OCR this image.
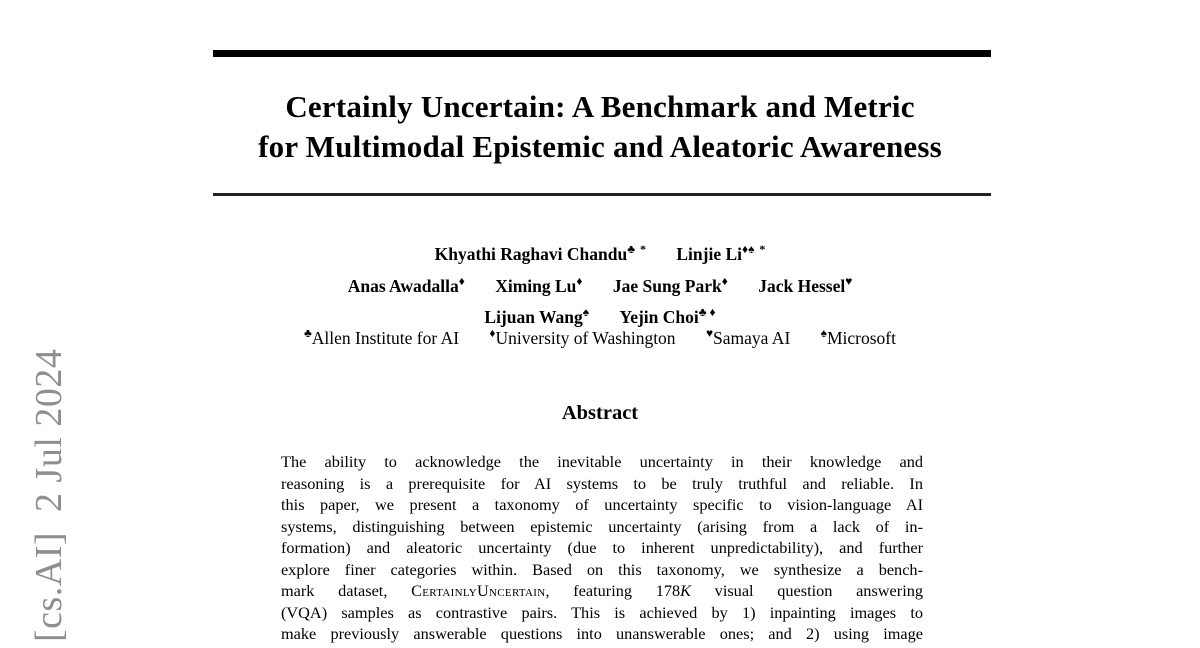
[cs.AI]  2 Jul 2024
Certainly Uncertain: A Benchmark and Metric
for Multimodal Epistemic and Aleatoric Awareness
Khyathi Raghavi Chandu♣ * Linjie Li♦♠ *
Anas Awadalla♦ Ximing Lu♦ Jae Sung Park♦ Jack Hessel♥
Lijuan Wang♠ Yejin Choi♣ ♦
♣Allen Institute for AI	♦University of Washington	♥Samaya AI	♠Microsoft
Abstract
The ability to acknowledge the inevitable uncertainty in their knowledge and
reasoning is a prerequisite for AI systems to be truly truthful and reliable. In
this paper, we present a taxonomy of uncertainty specific to vision-language AI
systems, distinguishing between epistemic uncertainty (arising from a lack of in-
formation) and aleatoric uncertainty (due to inherent unpredictability), and further
explore finer categories within. Based on this taxonomy, we synthesize a bench-
mark dataset, CertainlyUncertain, featuring 178K visual question answering
(VQA) samples as contrastive pairs. This is achieved by 1) inpainting images to
make previously answerable questions into unanswerable ones; and 2) using image
